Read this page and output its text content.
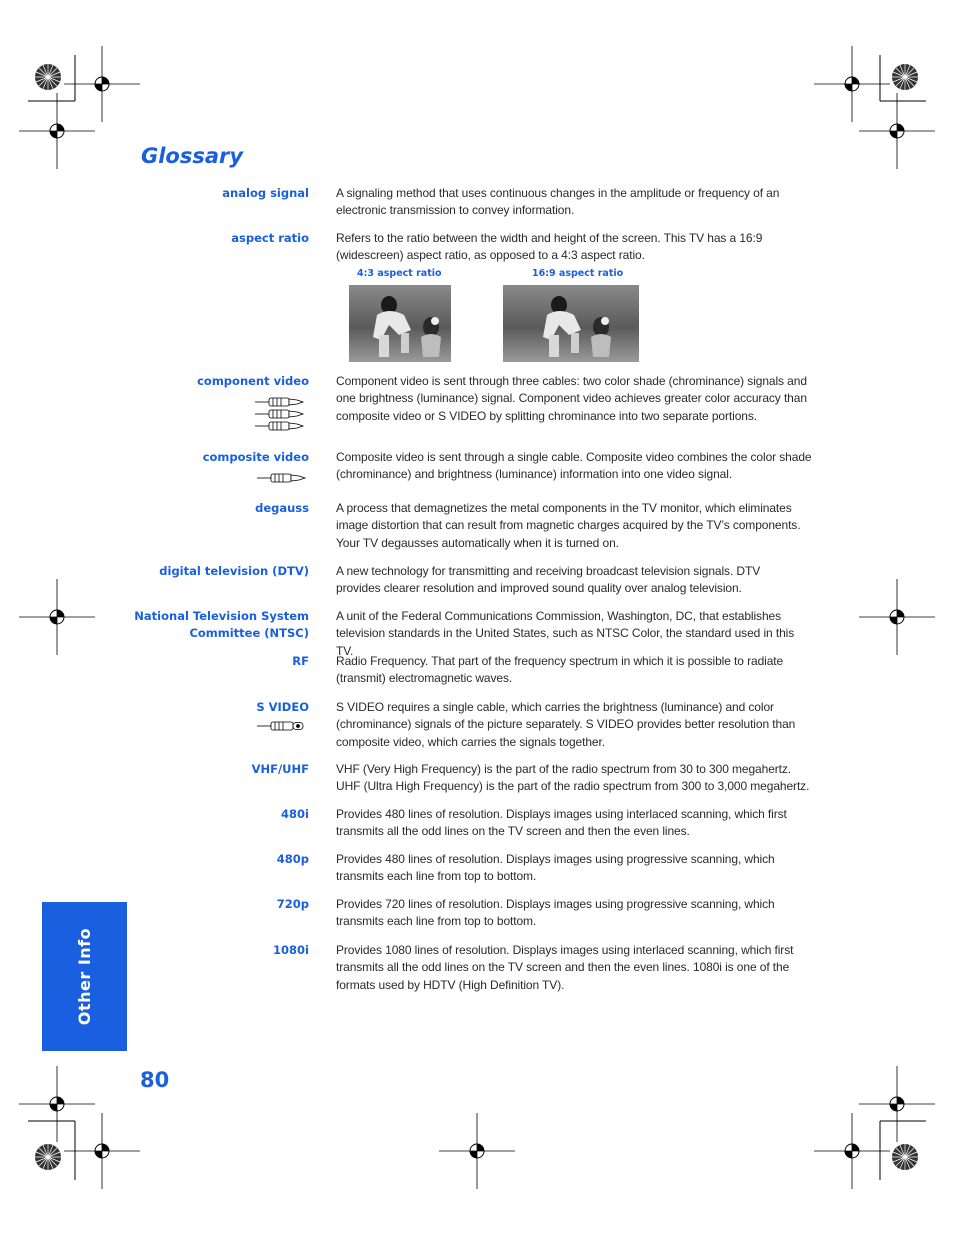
Glossary
analog signal A signaling method that uses continuous changes in the amplitude or frequency of an electronic transmission to convey information.
aspect ratio Refers to the ratio between the width and height of the screen. This TV has a 16:9 (widescreen) aspect ratio, as opposed to a 4:3 aspect ratio.
4:3 aspect ratio	16:9 aspect ratio
component video Component video is sent through three cables: two color shade (chrominance) signals and one brightness (luminance) signal. Component video achieves greater color accuracy than composite video or S VIDEO by splitting chrominance into two separate portions.
composite video Composite video is sent through a single cable. Composite video combines the color shade (chrominance) and brightness (luminance) information into one video signal.
degauss A process that demagnetizes the metal components in the TV monitor, which eliminates image distortion that can result from magnetic charges acquired by the TV’s components. Your TV degausses automatically when it is turned on.
digital television (DTV) A new technology for transmitting and receiving broadcast television signals. DTV provides clearer resolution and improved sound quality over analog television.
National Television System Committee (NTSC)
A unit of the Federal Communications Commission, Washington, DC, that establishes television standards in the United States, such as NTSC Color, the standard used in this TV.
RF Radio Frequency. That part of the frequency spectrum in which it is possible to radiate (transmit) electromagnetic waves.
S VIDEO S VIDEO requires a single cable, which carries the brightness (luminance) and color (chrominance) signals of the picture separately. S VIDEO provides better resolution than composite video, which carries the signals together.
VHF/UHF VHF (Very High Frequency) is the part of the radio spectrum from 30 to 300 megahertz. UHF (Ultra High Frequency) is the part of the radio spectrum from 300 to 3,000 megahertz.
480i Provides 480 lines of resolution. Displays images using interlaced scanning, which first transmits all the odd lines on the TV screen and then the even lines.
480p Provides 480 lines of resolution. Displays images using progressive scanning, which transmits each line from top to bottom.
720p Provides 720 lines of resolution. Displays images using progressive scanning, which transmits each line from top to bottom.
1080i Provides 1080 lines of resolution. Displays images using interlaced scanning, which first transmits all the odd lines on the TV screen and then the even lines. 1080i is one of the formats used by HDTV (High Definition TV).
Other Info
80
